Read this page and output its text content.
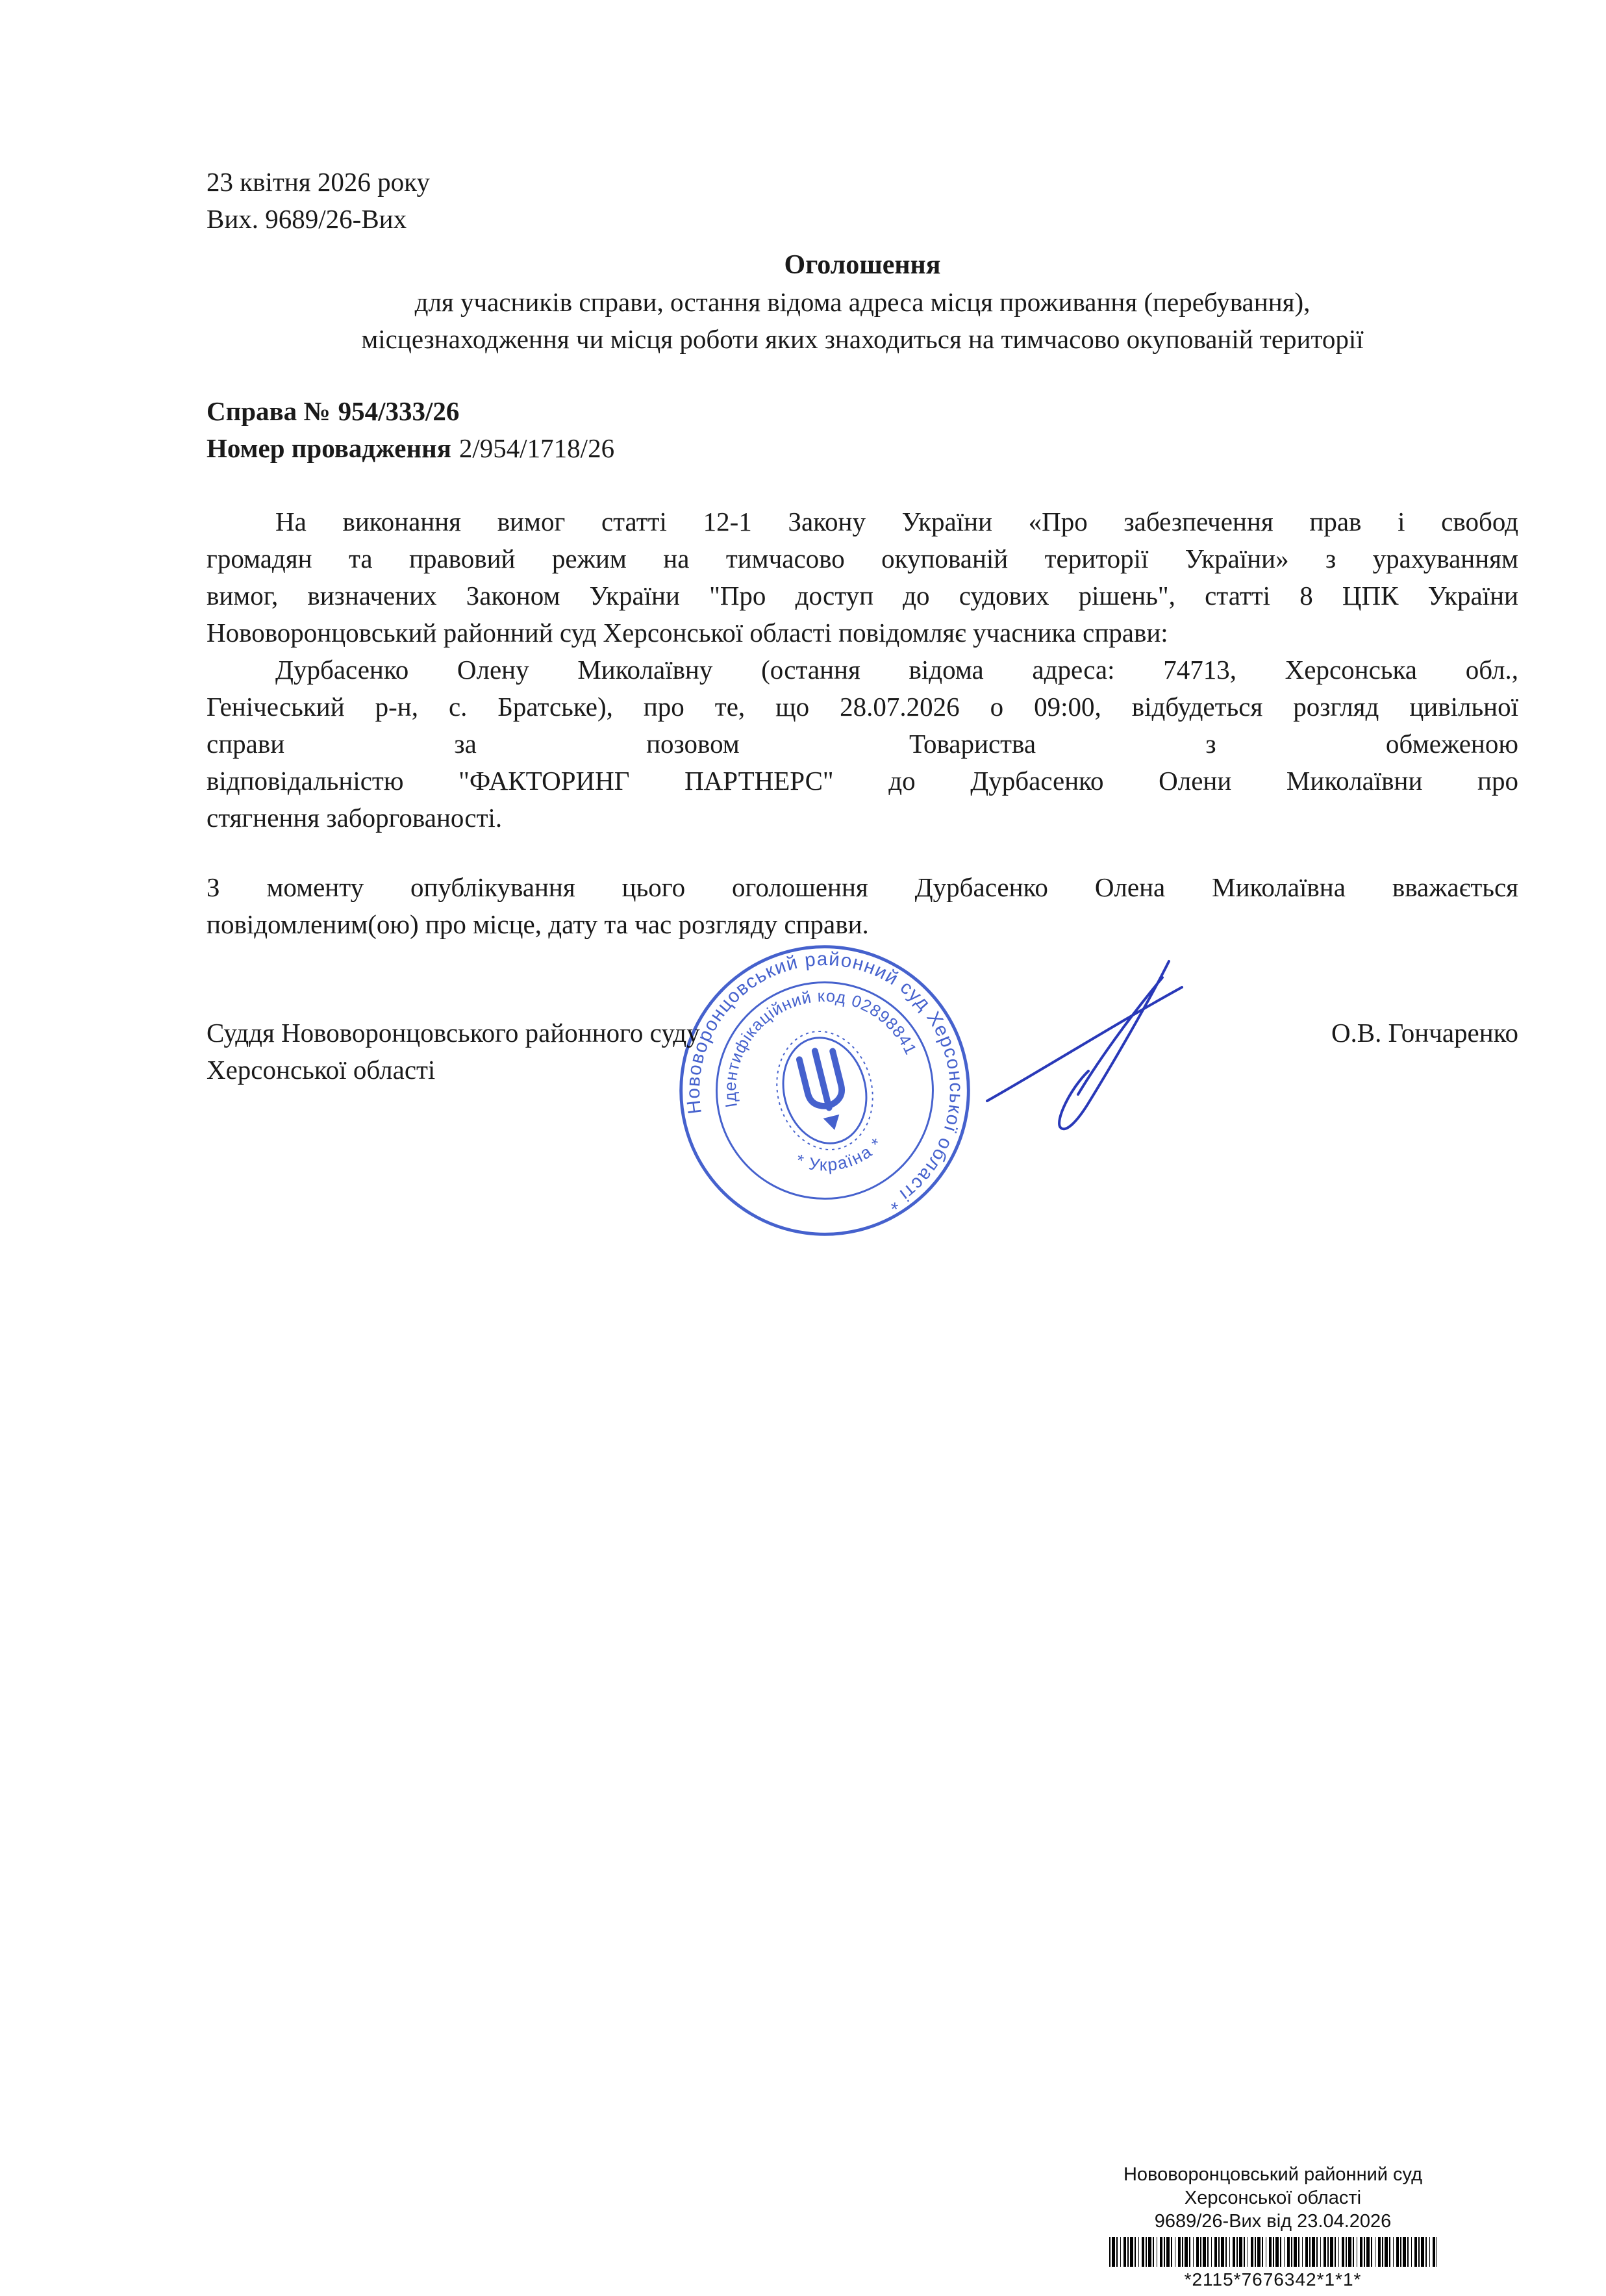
23 квітня 2026 року
Вих. 9689/26-Вих
Оголошення
для учасників справи, остання відома адреса місця проживання (перебування),
місцезнаходження чи місця роботи яких знаходиться на тимчасово окупованій території
Справа № 954/333/26
Номер провадження 2/954/1718/26
На виконання вимог статті 12-1 Закону України «Про забезпечення прав і свобод
громадян та правовий режим на тимчасово окупованій території України» з урахуванням
вимог, визначених Законом України "Про доступ до судових рішень", статті 8 ЦПК України
Нововоронцовський районний суд Херсонської області повідомляє учасника справи:
Дурбасенко Олену Миколаївну (остання відома адреса: 74713, Херсонська обл.,
Генічеський р-н, с. Братське), про те, що 28.07.2026 о 09:00, відбудеться розгляд цивільної
справи за позовом Товариства з обмеженою
відповідальністю "ФАКТОРИНГ ПАРТНЕРС" до Дурбасенко Олени Миколаївни про
стягнення заборгованості.
З моменту опублікування цього оголошення Дурбасенко Олена Миколаївна вважається
повідомленим(ою) про місце, дату та час розгляду справи.
Суддя Нововоронцовського районного суду
Херсонської області
О.В. Гончаренко
Нововоронцовський районний суд Херсонської області *
Ідентифікаційний код 02898841
* Україна *
Нововоронцовський районний суд
Херсонської області
9689/26-Вих від 23.04.2026
*2115*7676342*1*1*
